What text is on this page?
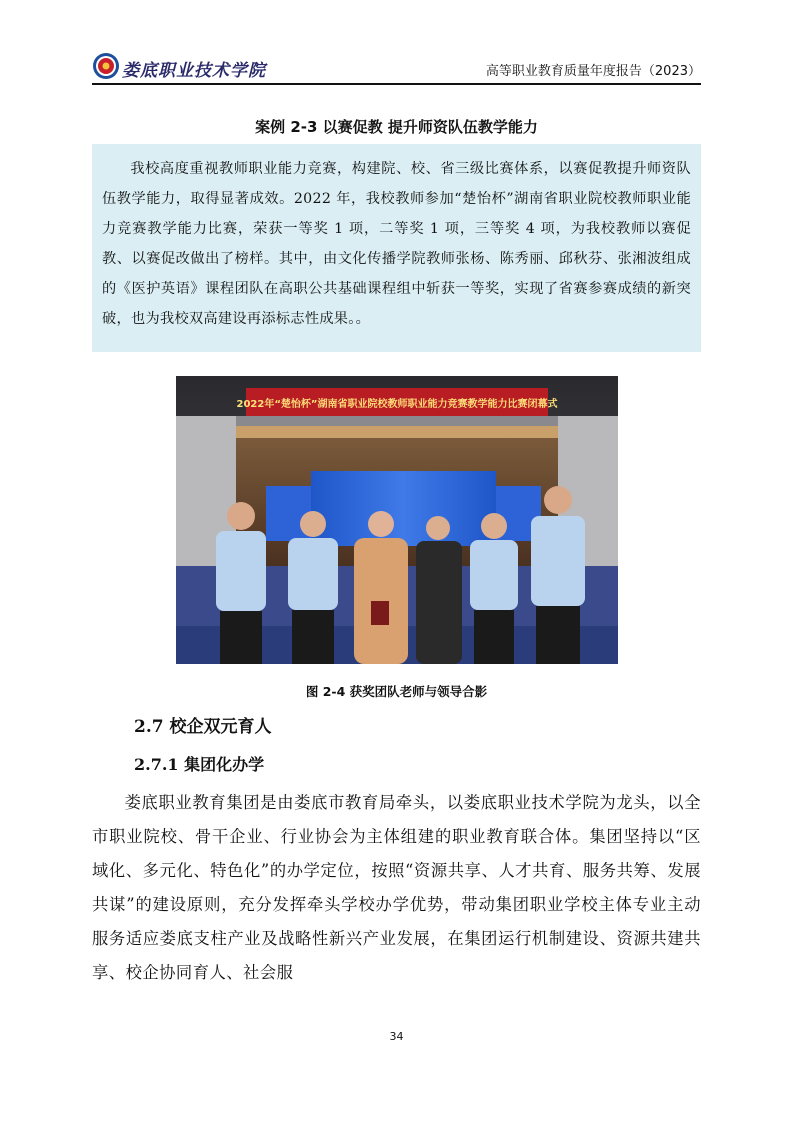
娄底职业技术学院	高等职业教育质量年度报告（2023）
案例 2-3 以赛促教 提升师资队伍教学能力

我校高度重视教师职业能力竞赛，构建院、校、省三级比赛体系，以赛促教提升师资队伍教学能力，取得显著成效。2022 年，我校教师参加“楚怡杯”湖南省职业院校教师职业能力竞赛教学能力比赛，荣获一等奖 1 项，二等奖 1 项，三等奖 4 项，为我校教师以赛促教、以赛促改做出了榜样。其中，由文化传播学院教师张杨、陈秀丽、邱秋芬、张湘波组成的《医护英语》课程团队在高职公共基础课程组中斩获一等奖，实现了省赛参赛成绩的新突破，也为我校双高建设再添标志性成果。。

2022年“楚怡杯”湖南省职业院校教师职业能力竞赛教学能力比赛闭幕式
图 2-4 获奖团队老师与领导合影
2.7 校企双元育人
2.7.1 集团化办学

娄底职业教育集团是由娄底市教育局牵头，以娄底职业技术学院为龙头，以全市职业院校、骨干企业、行业协会为主体组建的职业教育联合体。集团坚持以“区域化、多元化、特色化”的办学定位，按照“资源共享、人才共育、服务共筹、发展共谋”的建设原则，充分发挥牵头学校办学优势，带动集团职业学校主体专业主动服务适应娄底支柱产业及战略性新兴产业发展，在集团运行机制建设、资源共建共享、校企协同育人、社会服

34
